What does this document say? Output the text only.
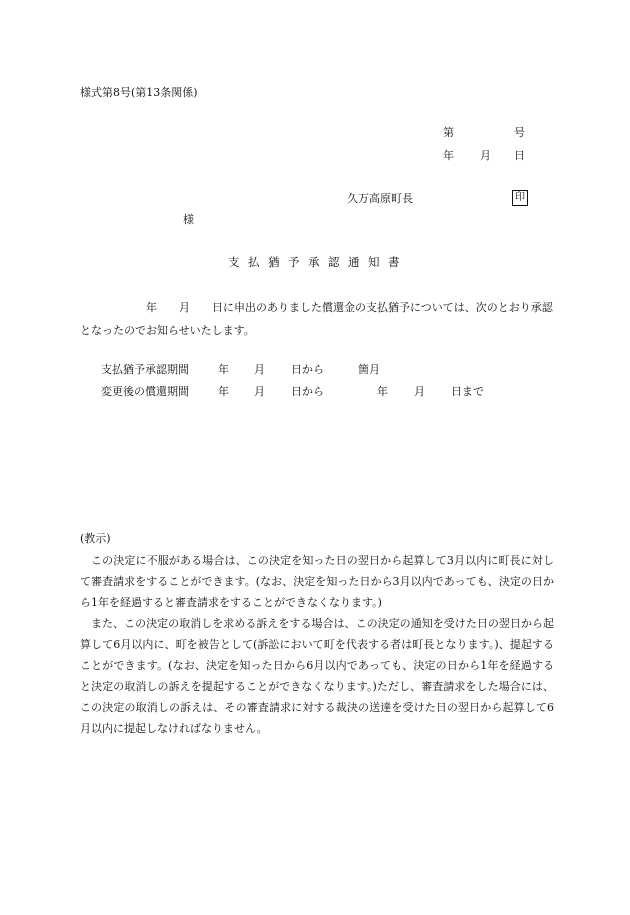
様式第8号(第13条関係)
第	号
年 月 日
久万高原町長	印
様
支払猶予承認通知書
　　　　　　年　　月　　日に申出のありました償還金の支払猶予については、次のとおり承認となったのでお知らせいたします。
支払猶予承認期間	年 月 日から	箇月
変更後の償還期間	年 月 日から	年 月 日まで
(教示)

この決定に不服がある場合は、この決定を知った日の翌日から起算して3月以内に町長に対して審査請求をすることができます。(なお、決定を知った日から3月以内であっても、決定の日から1年を経過すると審査請求をすることができなくなります。)

また、この決定の取消しを求める訴えをする場合は、この決定の通知を受けた日の翌日から起算して6月以内に、町を被告として(訴訟において町を代表する者は町長となります。)、提起することができます。(なお、決定を知った日から6月以内であっても、決定の日から1年を経過すると決定の取消しの訴えを提起することができなくなります。)ただし、審査請求をした場合には、この決定の取消しの訴えは、その審査請求に対する裁決の送達を受けた日の翌日から起算して6月以内に提起しなければなりません。
